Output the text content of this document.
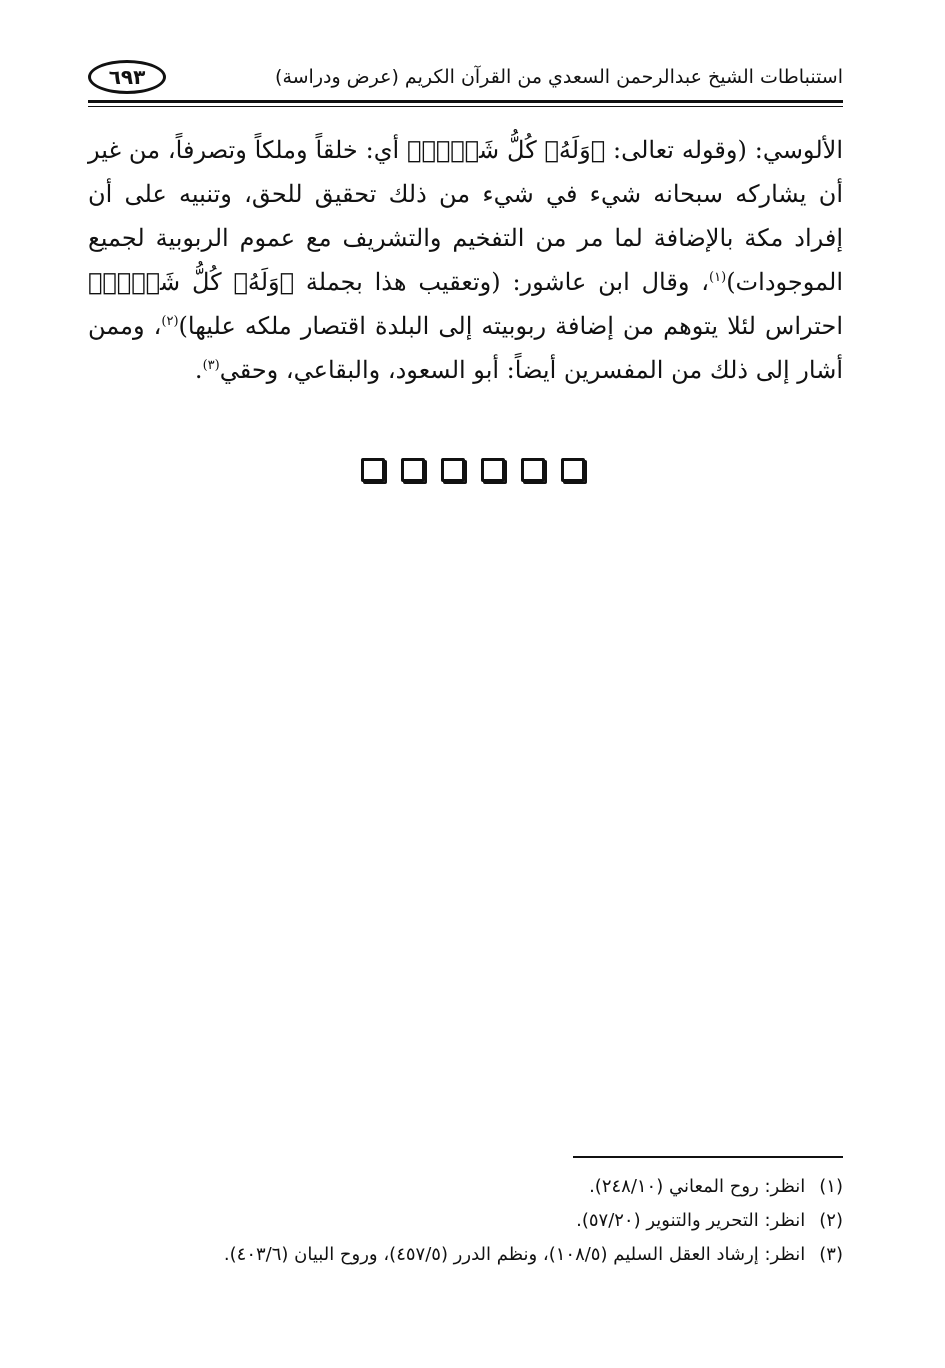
استنباطات الشيخ عبدالرحمن السعدي من القرآن الكريم (عرض ودراسة)
٦٩٣
الألوسي: (وقوله تعالى: ﴿وَلَهُۥ كُلُّ شَيۡءٖ﴾ أي: خلقاً وملكاً وتصرفاً، من غير أن يشاركه سبحانه شيء في شيء من ذلك تحقيق للحق، وتنبيه على أن إفراد مكة بالإضافة لما مر من التفخيم والتشريف مع عموم الربوبية لجميع الموجودات)$^{(١)}$، وقال ابن عاشور: (وتعقيب هذا بجملة ﴿وَلَهُۥ كُلُّ شَيۡءٖ﴾ احتراس لئلا يتوهم من إضافة ربوبيته إلى البلدة اقتصار ملكه عليها)$^{(٢)}$، وممن أشار إلى ذلك من المفسرين أيضاً: أبو السعود، والبقاعي، وحقي$^{(٣)}$.
(١)انظر: روح المعاني (٢٤٨/١٠).
(٢)انظر: التحرير والتنوير (٥٧/٢٠).
(٣)انظر: إرشاد العقل السليم (١٠٨/٥)، ونظم الدرر (٤٥٧/٥)، وروح البيان (٤٠٣/٦).
